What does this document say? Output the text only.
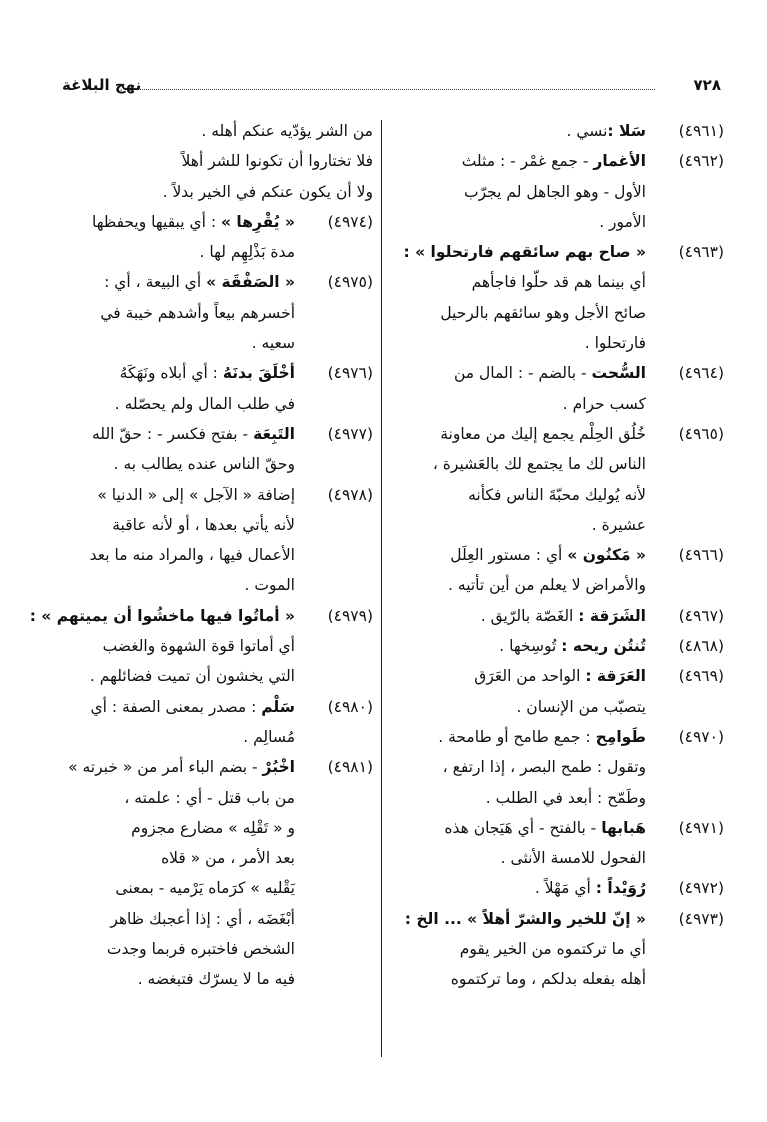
نهج البلاغة	٧٢٨
(٤٩٦١)
سَلا :نسي .
(٤٩٦٢)
الأغمار - جمع غمْر - : مثلث
الأول - وهو الجاهل لم يجرّب
الأمور .
(٤٩٦٣)
« صاح بهم سائقهم فارتحلوا » :
أي بينما هم قد حلّوا فاجأهم
صائح الأجل وهو سائقهم بالرحيل
فارتحلوا .
(٤٩٦٤)
السُّحت - بالضم - : المال من
كسب حرام .
(٤٩٦٥)
خُلُق الحِلْم يجمع إليك من معاونة
الناس لك ما يجتمع لك بالعَشيرة ،
لأنه يُوليك محبّةَ الناس فكأنه
عشيرة .
(٤٩٦٦)
« مَكنُون » أي : مستور العِلَل
والأمراض لا يعلم من أين تأتيه .
(٤٩٦٧)
الشَرَقة : الغَصّة بالرّيق .
(٤٨٦٨)
تُنتُن ريحه : تُوسِخها .
(٤٩٦٩)
العَرَقة : الواحد من العَرَق
يتصبّب من الإنسان .
(٤٩٧٠)
طَوامِح : جمع طامح أو طامحة .
وتقول : طمح البصر ، إذا ارتفع ،
وطَمّح : أبعد في الطلب .
(٤٩٧١)
هَبابها - بالفتح - أي هَيَجان هذه
الفحول للامسة الأنثى .
(٤٩٧٢)
رُوَيْداً : أي مَهْلاً .
(٤٩٧٣)
« إنّ للخير والشرّ أهلاً » ... الخ :
أي ما تركتموه من الخير يقوم
أهله بفعله بدلكم ، وما تركتموه
من الشر يؤدّيه عنكم أهله .
فلا تختاروا أن تكونوا للشر أهلاً
ولا أن يكون عنكم في الخير بدلاً .
(٤٩٧٤)
« يُقْرِها » : أي يبقيها ويحفظها
مدة بَذْلِهِم لها .
(٤٩٧٥)
« الصَفْقَة » أي البيعة ، أي :
أخسرهم بيعاً وأشدهم خيبة في
سعيه .
(٤٩٧٦)
أخْلَقَ بدنَهُ : أي أبلاه ونَهَكَهُ
في طلب المال ولم يحصّله .
(٤٩٧٧)
التَبِعَة - بفتح فكسر - : حقّ الله
وحقّ الناس عنده يطالب به .
(٤٩٧٨)
إضافة « الآجل » إلى « الدنيا »
لأنه يأتي بعدها ، أو لأنه عاقبة
الأعمال فيها ، والمراد منه ما بعد
الموت .
(٤٩٧٩)
« أماتُوا فيها ماخشُوا أن يميتهم » :
أي أماتوا قوة الشهوة والغضب
التي يخشون أن تميت فضائلهم .
(٤٩٨٠)
سَلْم : مصدر بمعنى الصفة : أي
مُسالِم .
(٤٩٨١)
اخْبُرْ - بضم الباء أمر من « خبرته »
من باب قتل - أي : علمته ،
و « تَقْلِه » مضارع مجزوم
بعد الأمر ، من « قلاه
يَقْليه » كرَماه يَرْميه - بمعنى
أبْغَضَه ، أي : إذا أعجبك ظاهر
الشخص فاختبره فربما وجدت
فيه ما لا يسرّك فتبغضه .
